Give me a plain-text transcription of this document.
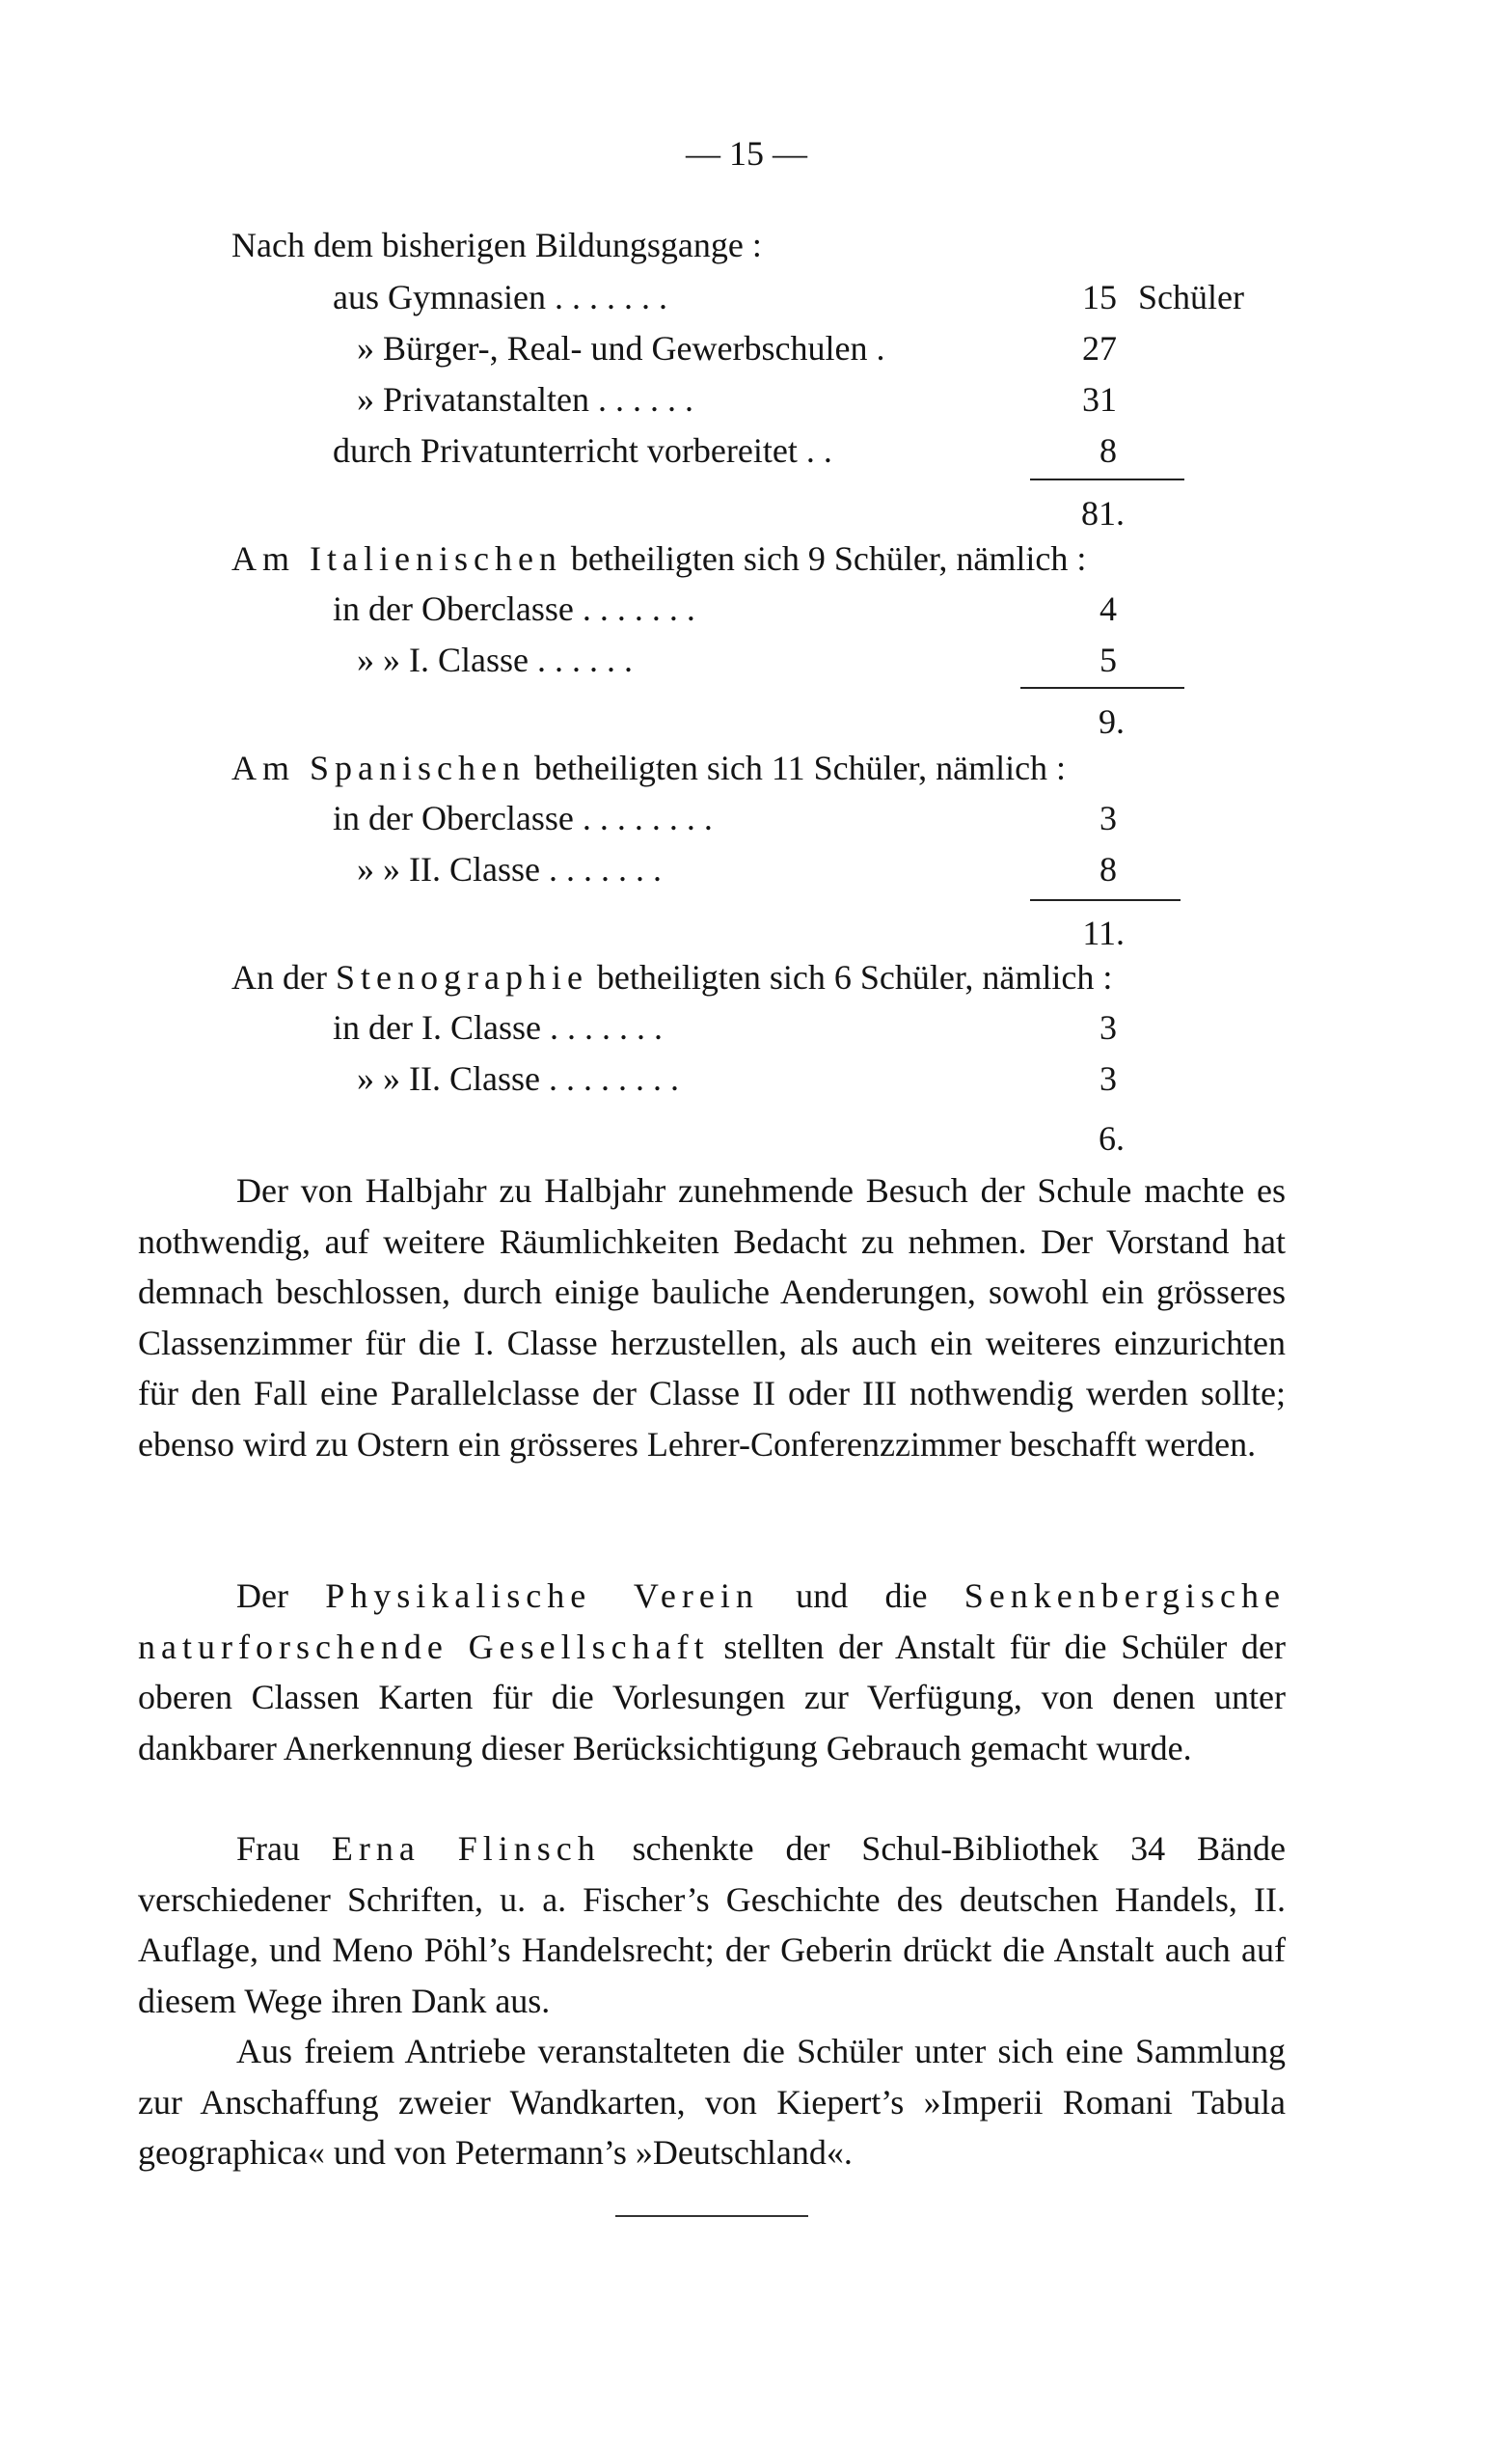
— 15 —
Nach dem bisherigen Bildungsgange :
aus Gymnasien . . . . . . .	15 Schüler
» Bürger-, Real- und Gewerbschulen .	27
» Privatanstalten . . . . . .	31
durch Privatunterricht vorbereitet . .	8
81.
Am Italienischen betheiligten sich 9 Schüler, nämlich :
in der Oberclasse . . . . . . .	4
» » I. Classe . . . . . .	5
9.
Am Spanischen betheiligten sich 11 Schüler, nämlich :
in der Oberclasse . . . . . . . .	3
» » II. Classe . . . . . . .	8
11.
An der Stenographie betheiligten sich 6 Schüler, nämlich :
in der I. Classe . . . . . . .	3
» » II. Classe . . . . . . . .	3
6.
Der von Halbjahr zu Halbjahr zunehmende Besuch der Schule machte es nothwendig, auf weitere Räumlichkeiten Bedacht zu nehmen. Der Vorstand hat demnach beschlossen, durch einige bauliche Aenderungen, sowohl ein grösseres Classenzimmer für die I. Classe herzustellen, als auch ein weiteres einzurichten für den Fall eine Parallelclasse der Classe II oder III nothwendig werden sollte; ebenso wird zu Ostern ein grösseres Lehrer-Conferenzzimmer beschafft werden.
Der Physikalische Verein und die Senkenbergische naturforschende Gesellschaft stellten der Anstalt für die Schüler der oberen Classen Karten für die Vorlesungen zur Verfügung, von denen unter dankbarer Anerkennung dieser Berücksichtigung Gebrauch gemacht wurde.
Frau Erna Flinsch schenkte der Schul-Bibliothek 34 Bände verschiedener Schriften, u. a. Fischer’s Geschichte des deutschen Handels, II. Auflage, und Meno Pöhl’s Handelsrecht; der Geberin drückt die Anstalt auch auf diesem Wege ihren Dank aus.
Aus freiem Antriebe veranstalteten die Schüler unter sich eine Sammlung zur Anschaffung zweier Wandkarten, von Kiepert’s »Imperii Romani Tabula geographica« und von Petermann’s »Deutschland«.
